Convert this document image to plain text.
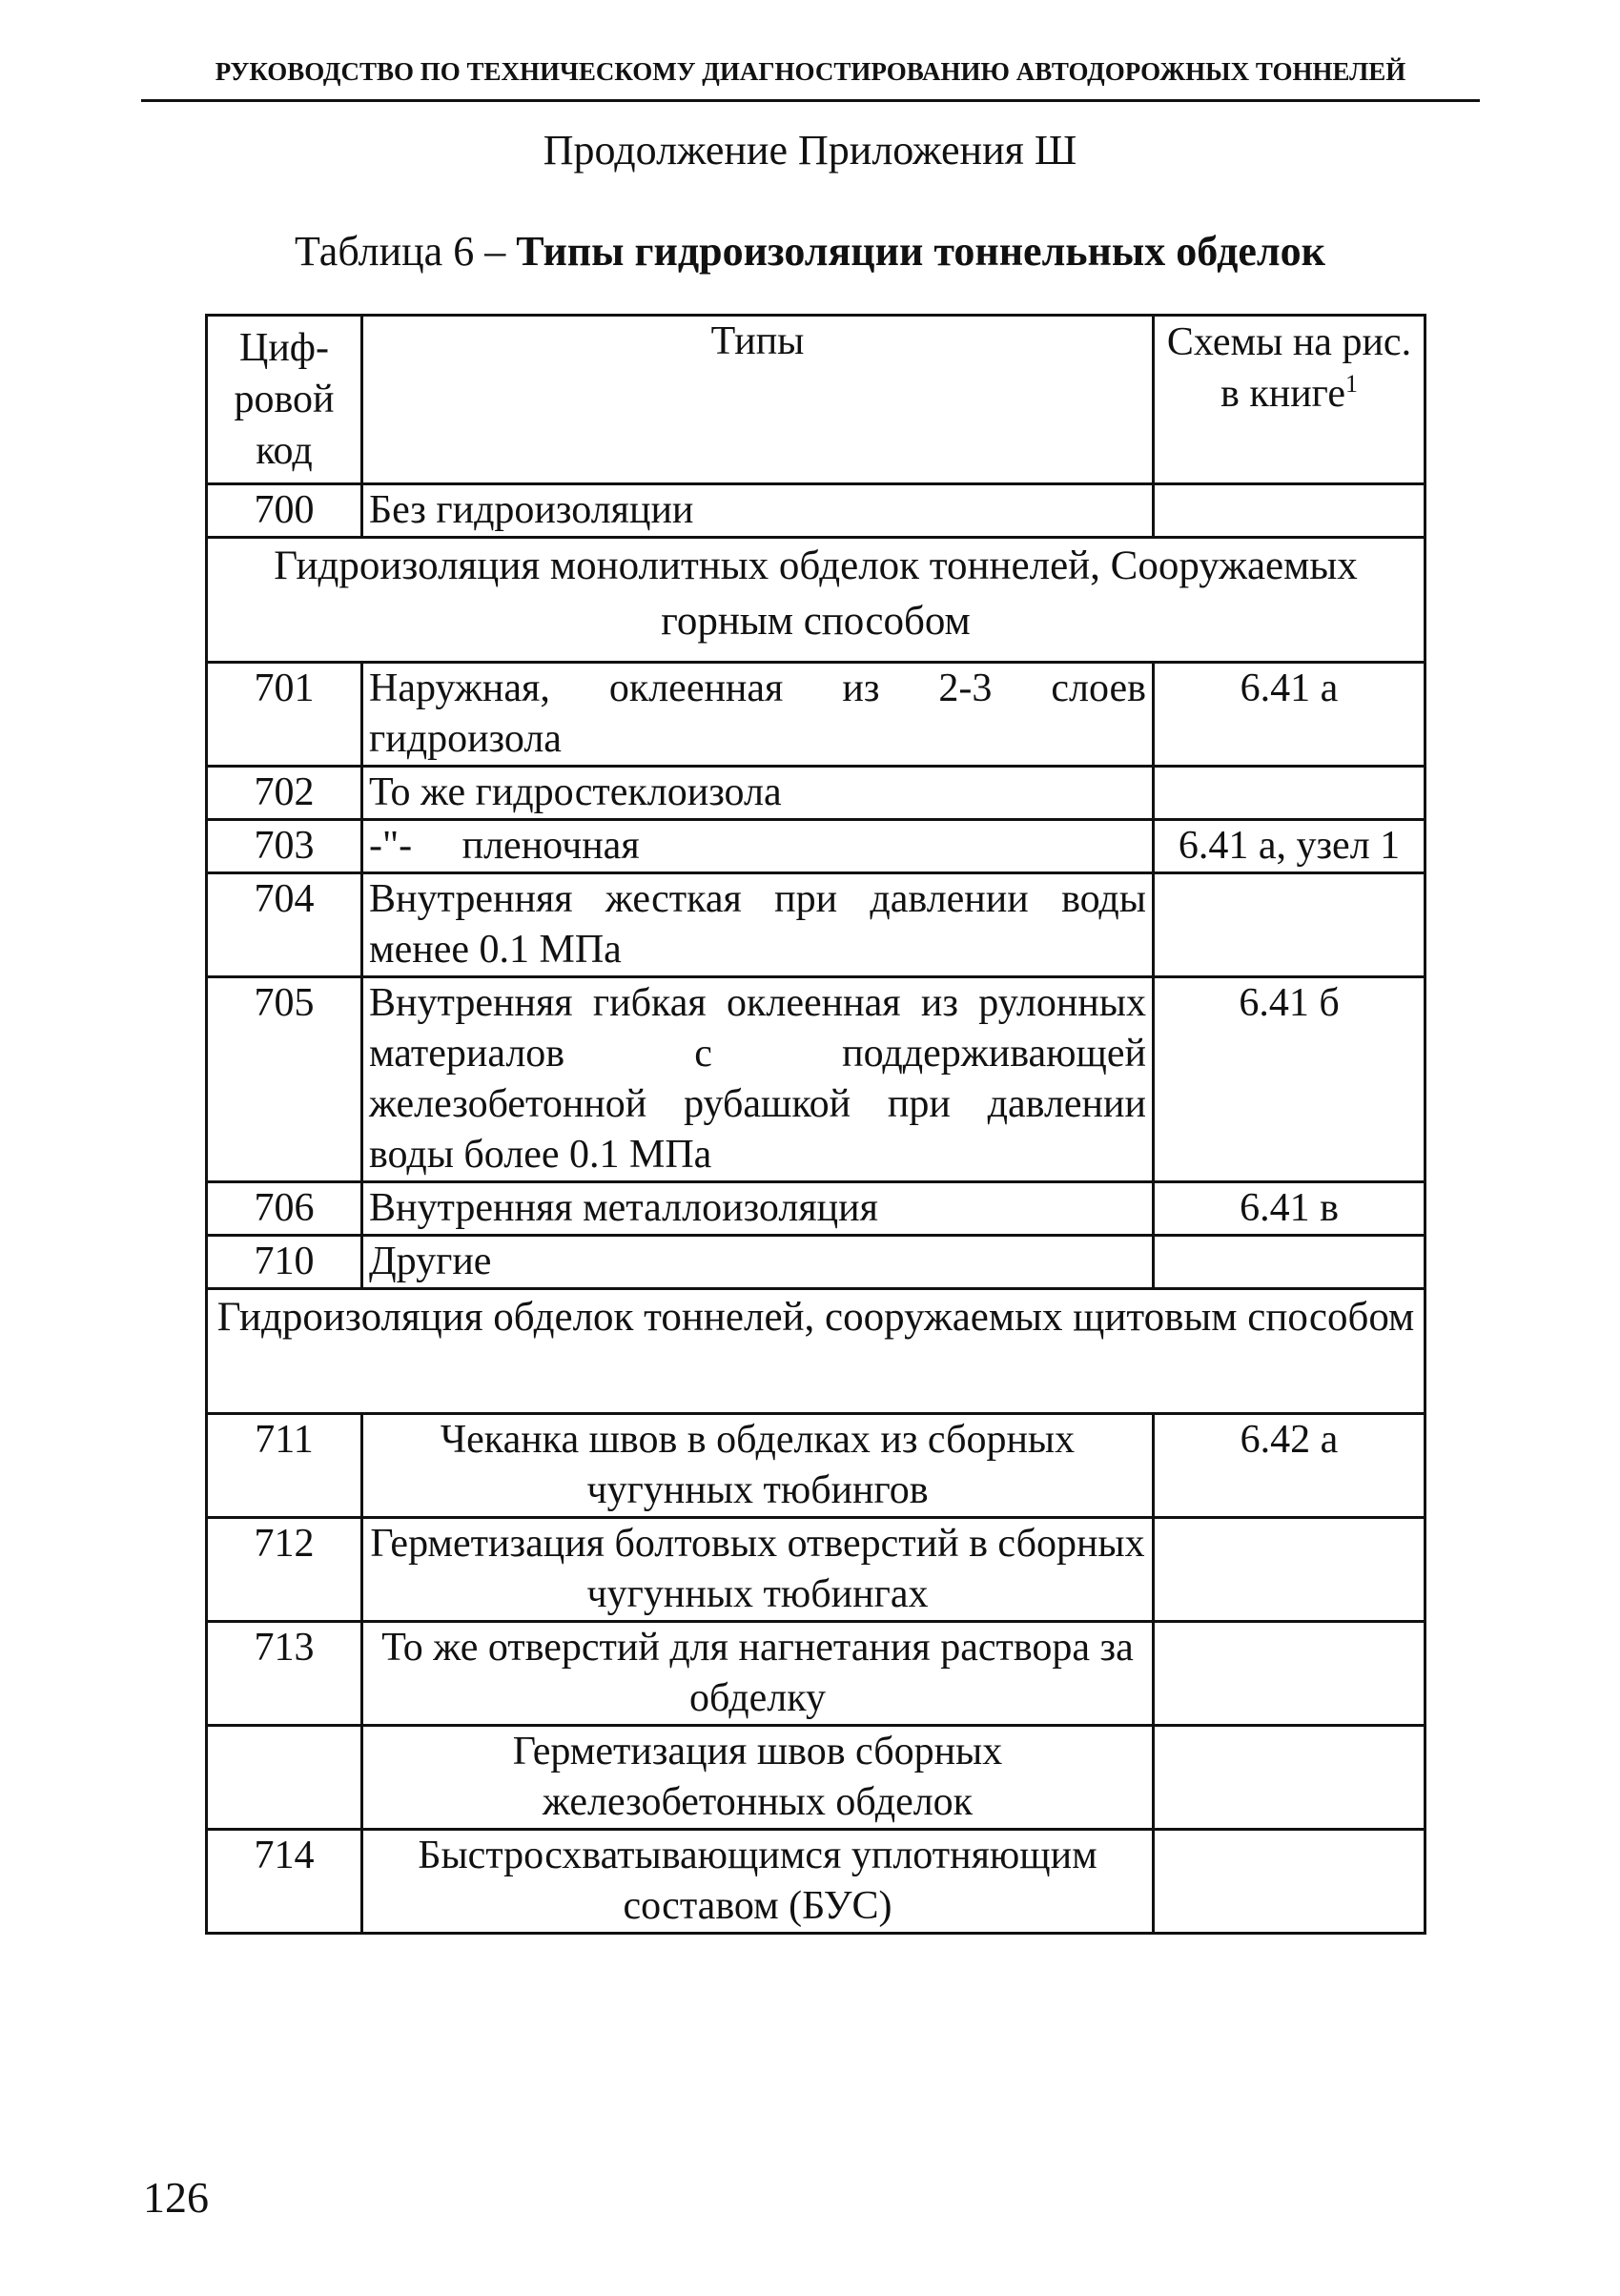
РУКОВОДСТВО ПО ТЕХНИЧЕСКОМУ ДИАГНОСТИРОВАНИЮ АВТОДОРОЖНЫХ ТОННЕЛЕЙ
Продолжение Приложения Ш
Таблица 6 – Типы гидроизоляции тоннельных обделок
Циф-ровой код	Типы	Схемы на рис. в книге$^1$
700	Без гидроизоляции	
Гидроизоляция монолитных обделок тоннелей, Сооружаемых горным способом		
701	Наружная, оклеенная из 2-3 слоев гидроизола	6.41 а
702	То же гидростеклоизола	
703	-"-     пленочная	6.41 а, узел 1
704	Внутренняя жесткая при давлении воды менее 0.1 МПа	
705	Внутренняя гибкая оклеенная из рулонных материалов с поддерживающей железобетонной рубашкой при давлении воды более 0.1 МПа	6.41 б
706	Внутренняя металлоизоляция	6.41 в
710	Другие	
Гидроизоляция обделок тоннелей, сооружаемых щитовым способом		
711	Чеканка швов в обделках из сборных чугунных тюбингов	6.42 а
712	Герметизация болтовых отверстий в сборных чугунных тюбингах	
713	То же отверстий для нагнетания раствора за обделку	
	Герметизация швов сборных железобетонных обделок	
714	Быстросхватывающимся уплотняющим составом (БУС)	
126
